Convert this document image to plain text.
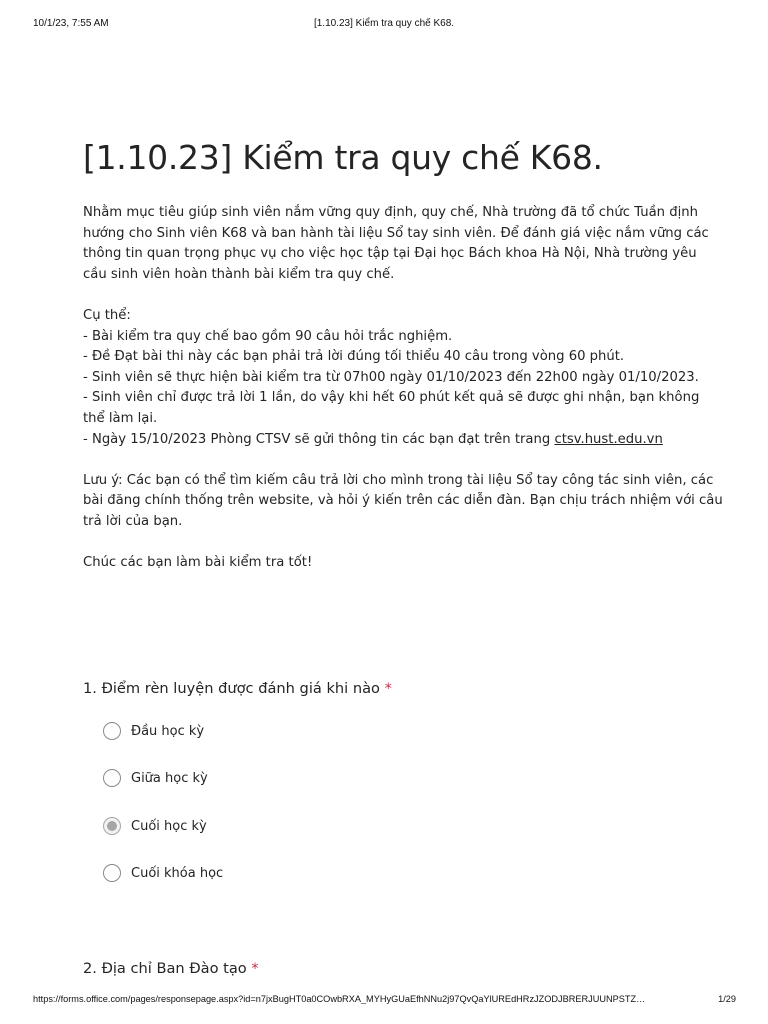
10/1/23, 7:55 AM	[1.10.23] Kiểm tra quy chế K68.
[1.10.23] Kiểm tra quy chế K68.

Nhằm mục tiêu giúp sinh viên nắm vững quy định, quy chế, Nhà trường đã tổ chức Tuần định hướng cho Sinh viên K68 và ban hành tài liệu Sổ tay sinh viên. Để đánh giá việc nắm vững các thông tin quan trọng phục vụ cho việc học tập tại Đại học Bách khoa Hà Nội, Nhà trường yêu cầu sinh viên hoàn thành bài kiểm tra quy chế.

Cụ thể:

- Bài kiểm tra quy chế bao gồm 90 câu hỏi trắc nghiệm.

- Đề Đạt bài thi này các bạn phải trả lời đúng tối thiểu 40 câu trong vòng 60 phút.

- Sinh viên sẽ thực hiện bài kiểm tra từ 07h00 ngày 01/10/2023 đến 22h00 ngày 01/10/2023.

- Sinh viên chỉ được trả lời 1 lần, do vậy khi hết 60 phút kết quả sẽ được ghi nhận, bạn không thể làm lại.

- Ngày 15/10/2023 Phòng CTSV sẽ gửi thông tin các bạn đạt trên trang ctsv.hust.edu.vn

Lưu ý: Các bạn có thể tìm kiếm câu trả lời cho mình trong tài liệu Sổ tay công tác sinh viên, các bài đăng chính thống trên website, và hỏi ý kiến trên các diễn đàn. Bạn chịu trách nhiệm với câu trả lời của bạn.

Chúc các bạn làm bài kiểm tra tốt!

1. Điểm rèn luyện được đánh giá khi nào *
Đầu học kỳ
Giữa học kỳ
Cuối học kỳ
Cuối khóa học
2. Địa chỉ Ban Đào tạo *
https://forms.office.com/pages/responsepage.aspx?id=n7jxBugHT0a0COwbRXA_MYHyGUaEfhNNu2j97QvQaYlUREdHRzJZODJBRERJUUNPSTZ…	1/29
